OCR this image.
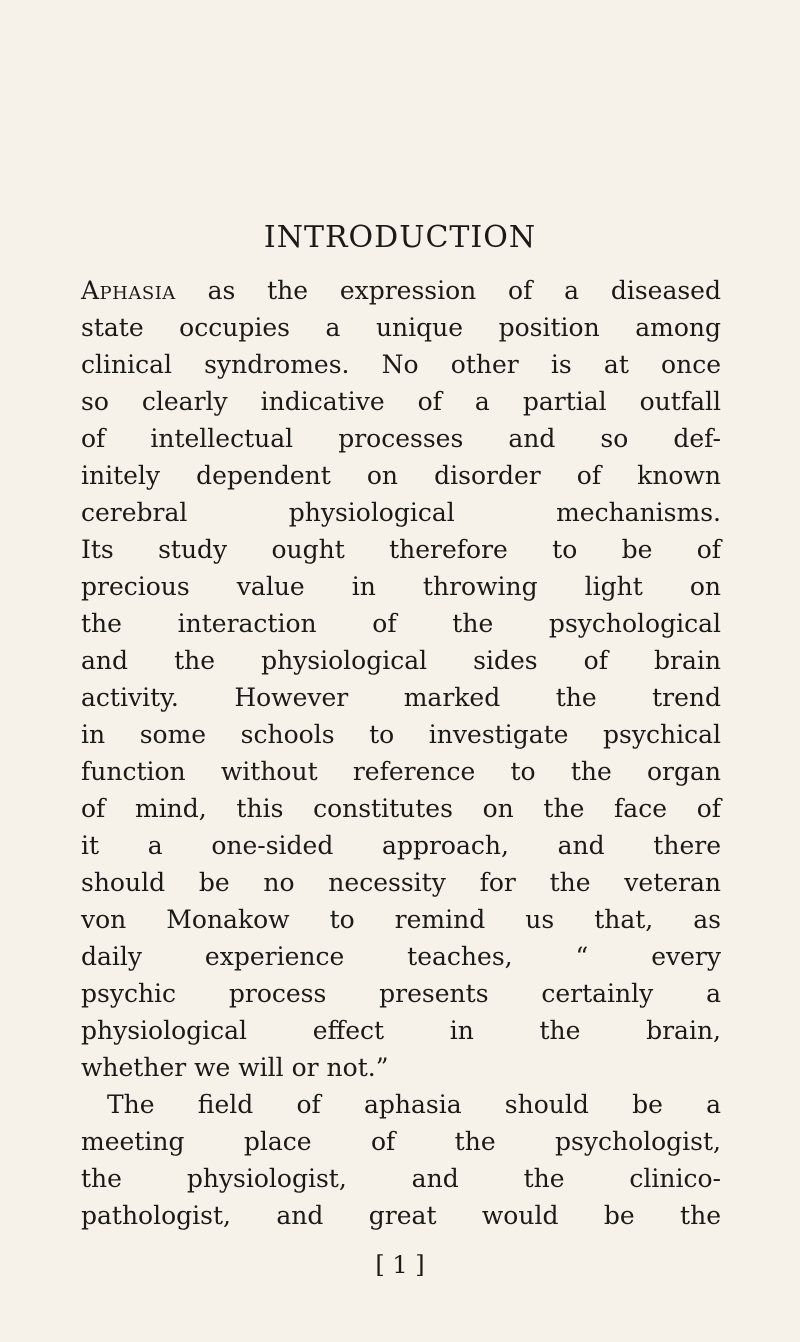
INTRODUCTION
Aphasia as the expression of a diseased
state occupies a unique position among
clinical syndromes. No other is at once
so clearly indicative of a partial outfall
of intellectual processes and so def-
initely dependent on disorder of known
cerebral physiological mechanisms.
Its study ought therefore to be of
precious value in throwing light on
the interaction of the psychological
and the physiological sides of brain
activity. However marked the trend
in some schools to investigate psychical
function without reference to the organ
of mind, this constitutes on the face of
it a one-sided approach, and there
should be no necessity for the veteran
von Monakow to remind us that, as
daily experience teaches, “ every
psychic process presents certainly a
physiological effect in the brain,
whether we will or not.”
The field of aphasia should be a
meeting place of the psychologist,
the physiologist, and the clinico-
pathologist, and great would be the
[ 1 ]
